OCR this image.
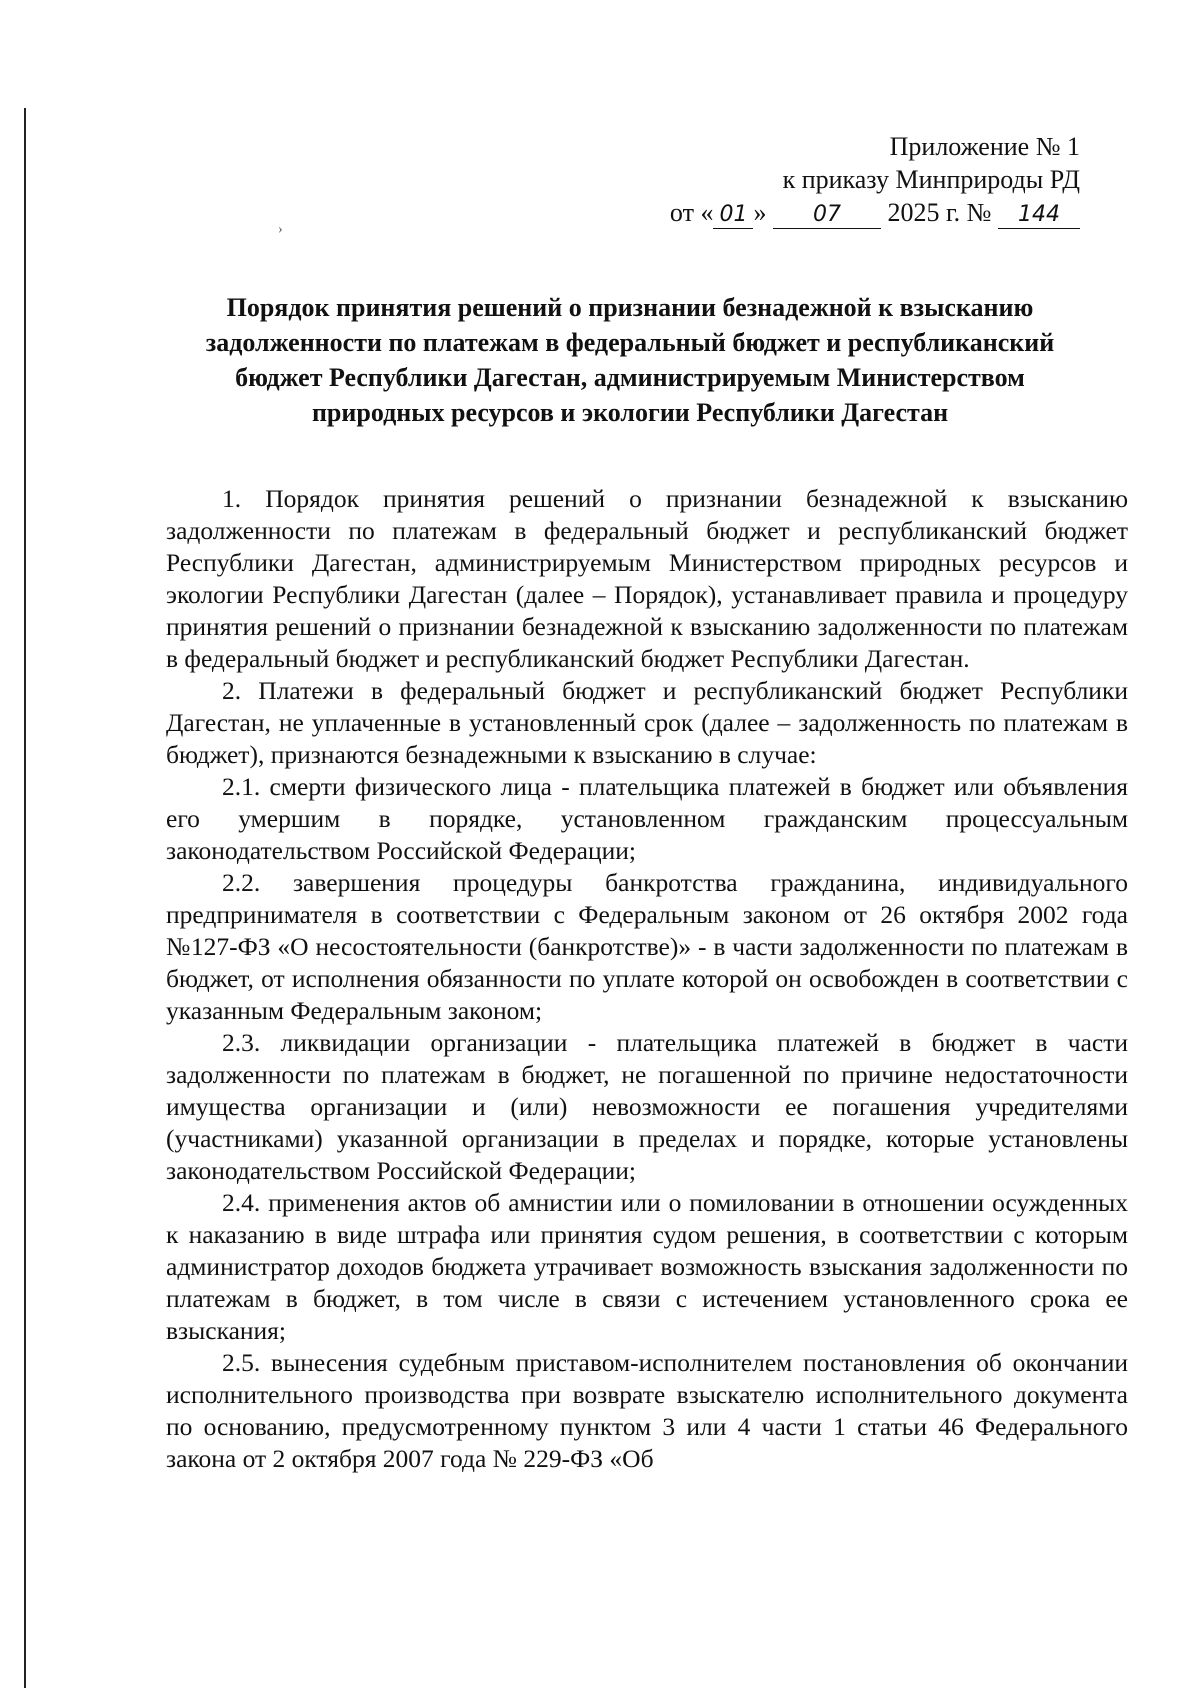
Приложение № 1
к приказу Минприроды РД
от « 01 » 07 2025 г. № 144
Порядок принятия решений о признании безнадежной к взысканию
задолженности по платежам в федеральный бюджет и республиканский
бюджет Республики Дагестан, администрируемым Министерством
природных ресурсов и экологии Республики Дагестан

1. Порядок принятия решений о признании безнадежной к взысканию задолженности по платежам в федеральный бюджет и республиканский бюджет Республики Дагестан, администрируемым Министерством природных ресурсов и экологии Республики Дагестан (далее – Порядок), устанавливает правила и процедуру принятия решений о признании безнадежной к взысканию задолженности по платежам в федеральный бюджет и республиканский бюджет Республики Дагестан.

2. Платежи в федеральный бюджет и республиканский бюджет Республики Дагестан, не уплаченные в установленный срок (далее – задолженность по платежам в бюджет), признаются безнадежными к взысканию в случае:

2.1. смерти физического лица - плательщика платежей в бюджет или объявления его умершим в порядке, установленном гражданским процессуальным законодательством Российской Федерации;

2.2. завершения процедуры банкротства гражданина, индивидуального предпринимателя в соответствии с Федеральным законом от 26 октября 2002 года №127-ФЗ «О несостоятельности (банкротстве)» - в части задолженности по платежам в бюджет, от исполнения обязанности по уплате которой он освобожден в соответствии с указанным Федеральным законом;

2.3. ликвидации организации - плательщика платежей в бюджет в части задолженности по платежам в бюджет, не погашенной по причине недостаточности имущества организации и (или) невозможности ее погашения учредителями (участниками) указанной организации в пределах и порядке, которые установлены законодательством Российской Федерации;

2.4. применения актов об амнистии или о помиловании в отношении осужденных к наказанию в виде штрафа или принятия судом решения, в соответствии с которым администратор доходов бюджета утрачивает возможность взыскания задолженности по платежам в бюджет, в том числе в связи с истечением установленного срока ее взыскания;

2.5. вынесения судебным приставом-исполнителем постановления об окончании исполнительного производства при возврате взыскателю исполнительного документа по основанию, предусмотренному пунктом 3 или 4 части 1 статьи 46 Федерального закона от 2 октября 2007 года № 229-ФЗ «Об

›
